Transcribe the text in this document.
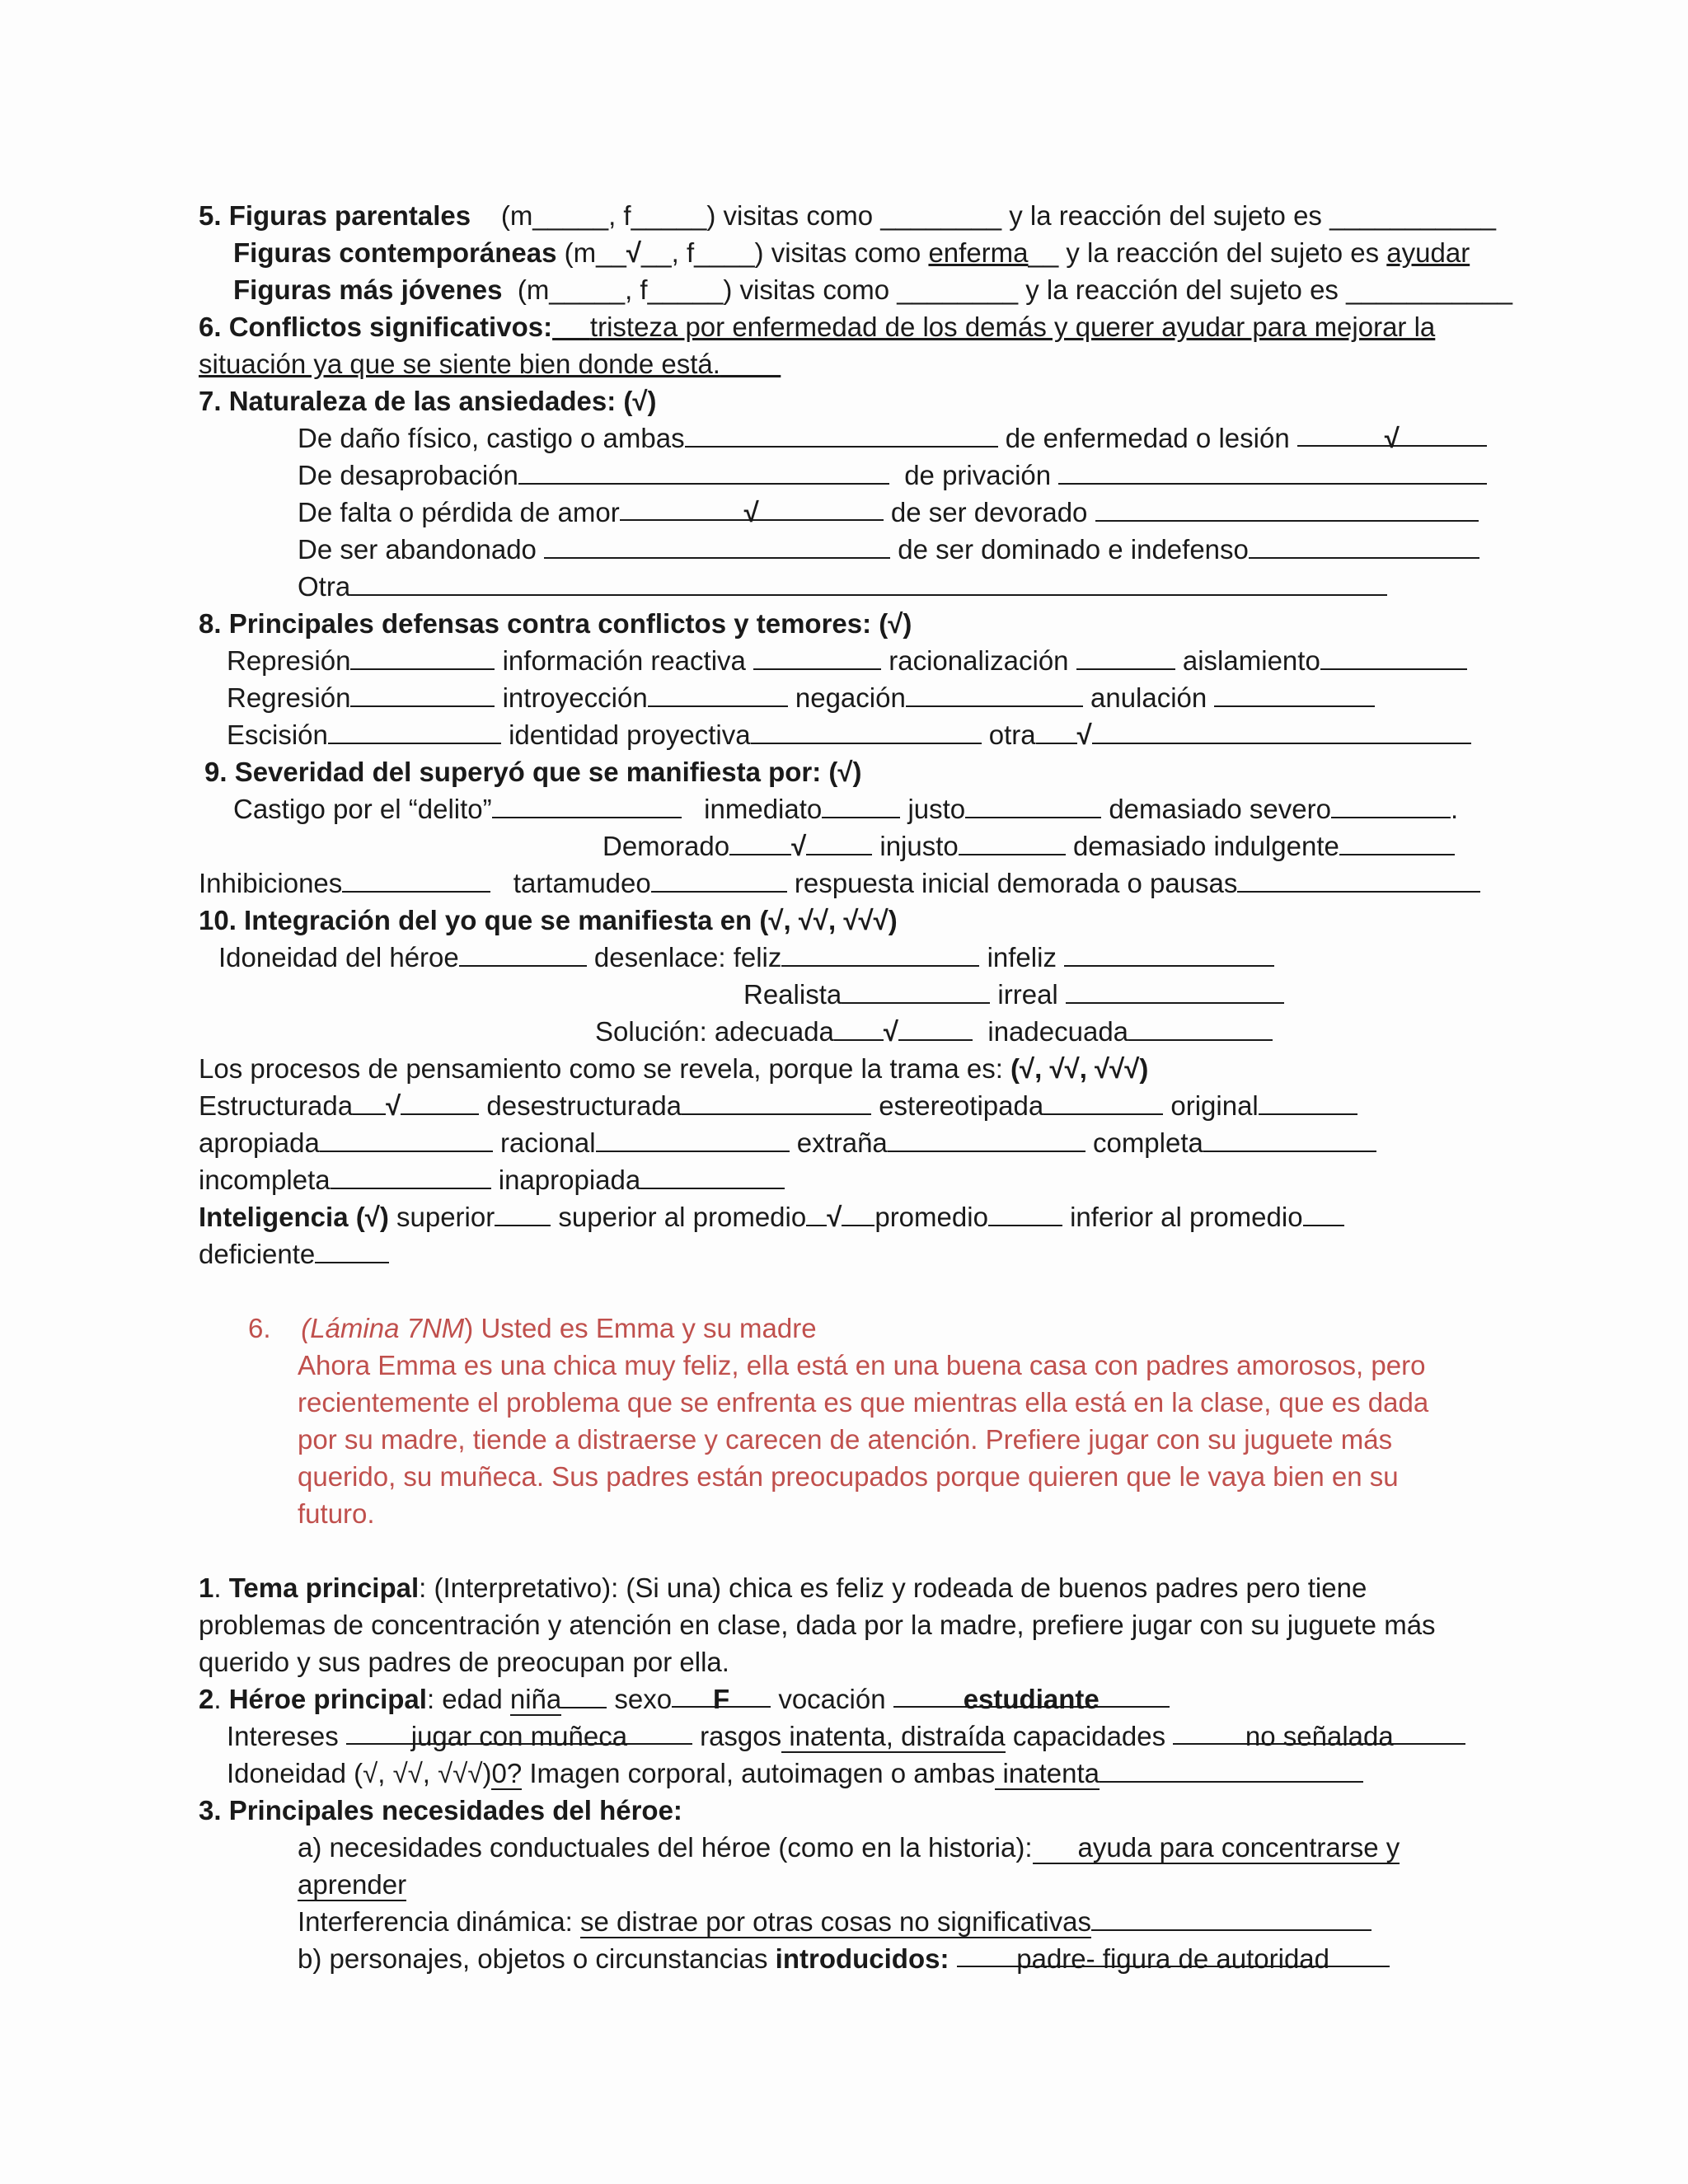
5. Figuras parentales (m_____, f_____) visitas como ________ y la reacción del sujeto es ___________
Figuras contemporáneas (m__√__, f____) visitas como enferma__ y la reacción del sujeto es ayudar
Figuras más jóvenes (m_____, f_____) visitas como ________ y la reacción del sujeto es ___________
6. Conflictos significativos: tristeza por enfermedad de los demás y querer ayudar para mejorar la
situación ya que se siente bien donde está.
7. Naturaleza de las ansiedades: (√)
De daño físico, castigo o ambas	de enfermedad o lesión	√
De desaprobación	de privación
De falta o pérdida de amor	√	de ser devorado
De ser abandonado	de ser dominado e indefenso
Otra
8. Principales defensas contra conflictos y temores: (√)
Represión	información reactiva	racionalización	aislamiento
Regresión	introyección	negación	anulación
Escisión	identidad proyectiva	otra √
9. Severidad del superyó que se manifiesta por: (√)
Castigo por el “delito”	inmediato	justo	demasiado severo	.
Demorado √	injusto	demasiado indulgente
Inhibiciones	tartamudeo	respuesta inicial demorada o pausas
10. Integración del yo que se manifiesta en (√, √√, √√√)
Idoneidad del héroe	desenlace: feliz	infeliz
Realista	irreal
Solución: adecuada √	inadecuada
Los procesos de pensamiento como se revela, porque la trama es: (√, √√, √√√)
Estructurada √	desestructurada	estereotipada	original
apropiada	racional	extraña	completa
incompleta	inapropiada
Inteligencia (√) superior superior al promedio √ promedio	inferior al promedio
deficiente
6. (Lámina 7NM) Usted es Emma y su madre
Ahora Emma es una chica muy feliz, ella está en una buena casa con padres amorosos, pero
recientemente el problema que se enfrenta es que mientras ella está en la clase, que es dada
por su madre, tiende a distraerse y carecen de atención. Prefiere jugar con su juguete más
querido, su muñeca. Sus padres están preocupados porque quieren que le vaya bien en su
futuro.
1. Tema principal: (Interpretativo): (Si una) chica es feliz y rodeada de buenos padres pero tiene
problemas de concentración y atención en clase, dada por la madre, prefiere jugar con su juguete más
querido y sus padres de preocupan por ella.
2. Héroe principal: edad niña sexo F vocación	estudiante
Intereses jugar con muñeca	rasgos inatenta, distraída capacidades	no señalada
Idoneidad (√, √√, √√√)0? Imagen corporal, autoimagen o ambas inatenta
3. Principales necesidades del héroe:
a) necesidades conductuales del héroe (como en la historia): ayuda para concentrarse y
aprender
Interferencia dinámica: se distrae por otras cosas no significativas
b) personajes, objetos o circunstancias introducidos: padre- figura de autoridad
